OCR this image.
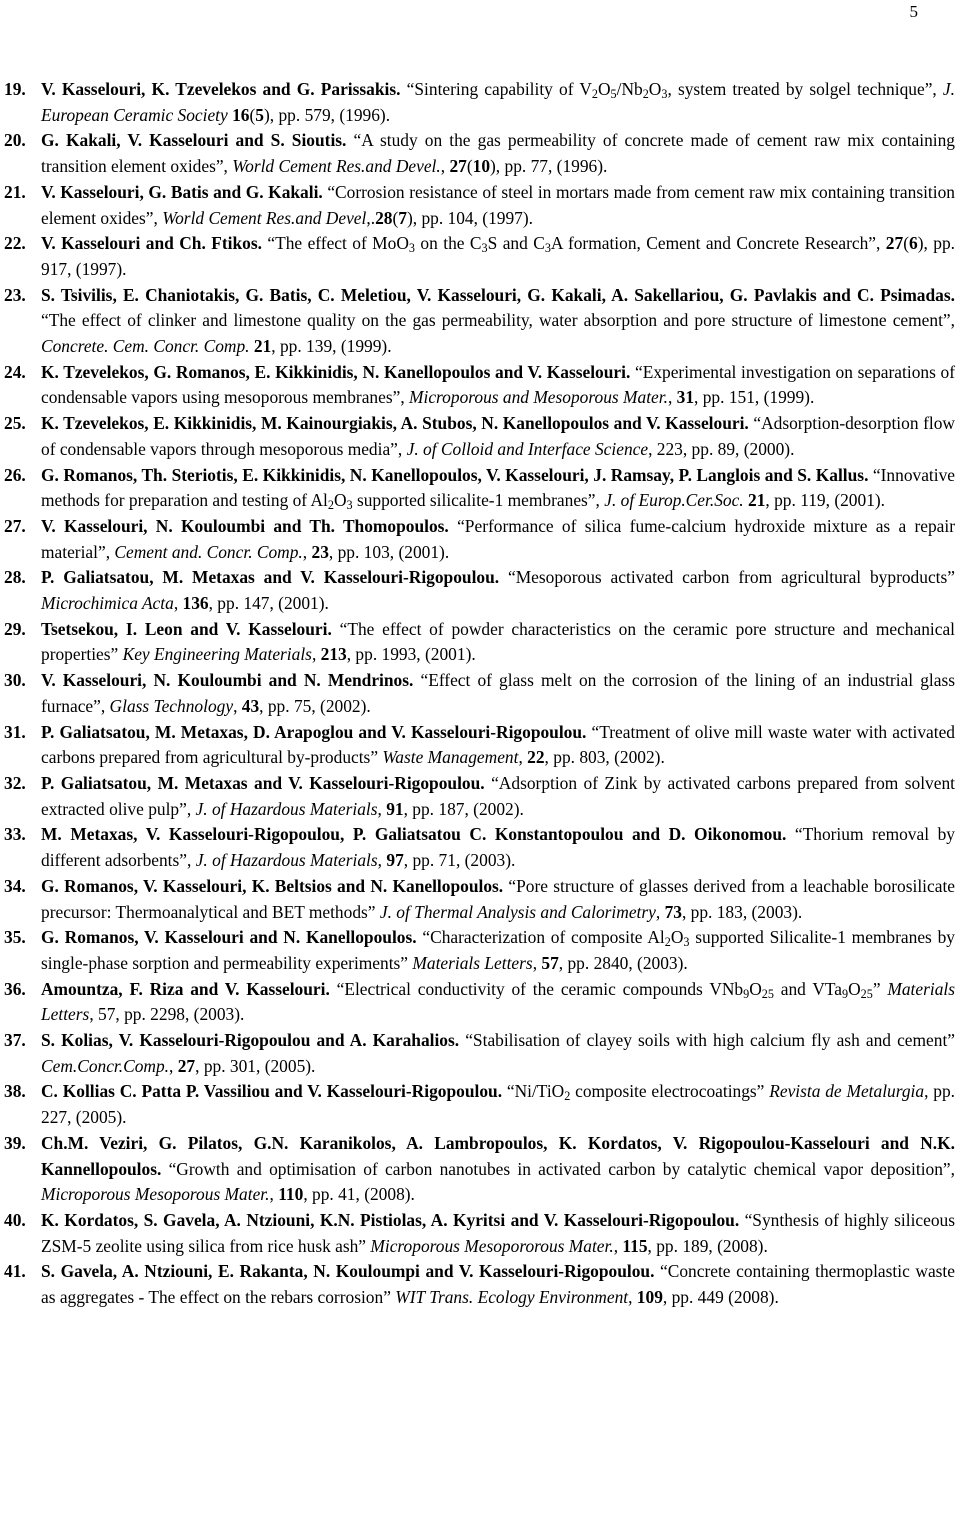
5

19. V. Kasselouri, K. Tzevelekos and G. Parissakis. “Sintering capability of $V_2O_5/Nb_2O_3$, system treated by solgel technique”, J. European Ceramic Society 16(5), pp. 579, (1996).
20. G. Kakali, V. Kasselouri and S. Sioutis. “A study on the gas permeability of concrete made of cement raw mix containing transition element oxides”, World Cement Res.and Devel., 27(10), pp. 77, (1996).
21. V. Kasselouri, G. Batis and G. Kakali. “Corrosion resistance of steel in mortars made from cement raw mix containing transition element oxides”, World Cement Res.and Devel,.28(7), pp. 104, (1997).
22. V. Kasselouri and Ch. Ftikos. “The effect of MoO$_3$ on the $C_3S$ and $C_3A$ formation, Cement and Concrete Research”, 27(6), pp. 917, (1997).
23. S. Tsivilis, E. Chaniotakis, G. Batis, C. Meletiou, V. Kasselouri, G. Kakali, A. Sakellariou, G. Pavlakis and C. Psimadas. “The effect of clinker and limestone quality on the gas permeability, water absorption and pore structure of limestone cement”, Concrete. Cem. Concr. Comp. 21, pp. 139, (1999).
24. K. Tzevelekos, G. Romanos, E. Kikkinidis, N. Kanellopoulos and V. Kasselouri. “Experimental investigation on separations of condensable vapors using mesoporous membranes”, Microporous and Mesoporous Mater., 31, pp. 151, (1999).
25. K. Tzevelekos, E. Kikkinidis, M. Kainourgiakis, A. Stubos, N. Kanellopoulos and V. Kasselouri. “Adsorption-desorption flow of condensable vapors through mesoporous media”, J. of Colloid and Interface Science, 223, pp. 89, (2000).
26. G. Romanos, Th. Steriotis, E. Kikkinidis, N. Kanellopoulos, V. Kasselouri, J. Ramsay, P. Langlois and S. Kallus. “Innovative methods for preparation and testing of $Al_2O_3$ supported silicalite-1 membranes”, J. of Europ.Cer.Soc. 21, pp. 119, (2001).
27. V. Kasselouri, N. Kouloumbi and Th. Thomopoulos. “Performance of silica fume-calcium hydroxide mixture as a repair material”, Cement and. Concr. Comp., 23, pp. 103, (2001).
28. P. Galiatsatou, M. Metaxas and V. Kasselouri-Rigopoulou. “Mesoporous activated carbon from agricultural byproducts” Microchimica Acta, 136, pp. 147, (2001).
29. Tsetsekou, I. Leon and V. Kasselouri. “The effect of powder characteristics on the ceramic pore structure and mechanical properties” Key Engineering Materials, 213, pp. 1993, (2001).
30. V. Kasselouri, N. Kouloumbi and N. Mendrinos. “Effect of glass melt on the corrosion of the lining of an industrial glass furnace”, Glass Technology, 43, pp. 75, (2002).
31. P. Galiatsatou, M. Metaxas, D. Arapoglou and V. Kasselouri-Rigopoulou. “Treatment of olive mill waste water with activated carbons prepared from agricultural by-products” Waste Management, 22, pp. 803, (2002).
32. P. Galiatsatou, M. Metaxas and V. Kasselouri-Rigopoulou. “Adsorption of Zink by activated carbons prepared from solvent extracted olive pulp”, J. of Hazardous Materials, 91, pp. 187, (2002).
33. M. Metaxas, V. Kasselouri-Rigopoulou, P. Galiatsatou C. Konstantopoulou and D. Oikonomou. “Thorium removal by different adsorbents”, J. of Hazardous Materials, 97, pp. 71, (2003).
34. G. Romanos, V. Kasselouri, K. Beltsios and N. Kanellopoulos. “Pore structure of glasses derived from a leachable borosilicate precursor: Thermoanalytical and BET methods” J. of Thermal Analysis and Calorimetry, 73, pp. 183, (2003).
35. G. Romanos, V. Kasselouri and N. Kanellopoulos. “Characterization of composite $Al_2O_3$ supported Silicalite-1 membranes by single-phase sorption and permeability experiments” Materials Letters, 57, pp. 2840, (2003).
36. Amountza, F. Riza and V. Kasselouri. “Electrical conductivity of the ceramic compounds $VNb_9O_{25}$ and $VTa_9O_{25}$” Materials Letters, 57, pp. 2298, (2003).
37. S. Kolias, V. Kasselouri-Rigopoulou and A. Karahalios. “Stabilisation of clayey soils with high calcium fly ash and cement” Cem.Concr.Comp., 27, pp. 301, (2005).
38. C. Kollias C. Patta P. Vassiliou and V. Kasselouri-Rigopoulou. “Ni/TiO$_2$ composite electrocoatings” Revista de Metalurgia, pp. 227, (2005).
39. Ch.M. Veziri, G. Pilatos, G.N. Karanikolos, A. Lambropoulos, K. Kordatos, V. Rigopoulou-Kasselouri and N.K. Kannellopoulos. “Growth and optimisation of carbon nanotubes in activated carbon by catalytic chemical vapor deposition”, Microporous Mesoporous Mater., 110, pp. 41, (2008).
40. K. Kordatos, S. Gavela, A. Ntziouni, K.N. Pistiolas, A. Kyritsi and V. Kasselouri-Rigopoulou. “Synthesis of highly siliceous ZSM-5 zeolite using silica from rice husk ash” Microporous Mesopororous Mater., 115, pp. 189, (2008).
41. S. Gavela, A. Ntziouni, E. Rakanta, N. Kouloumpi and V. Kasselouri-Rigopoulou. “Concrete containing thermoplastic waste as aggregates - The effect on the rebars corrosion” WIT Trans. Ecology Environment, 109, pp. 449 (2008).
